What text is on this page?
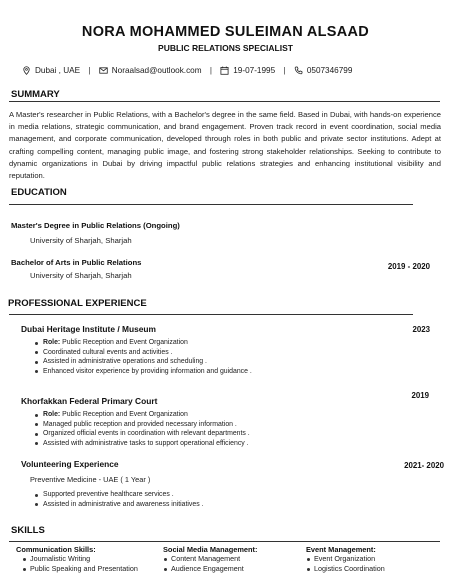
NORA MOHAMMED SULEIMAN ALSAAD
PUBLIC RELATIONS SPECIALIST
Dubai , UAE |	Noraalsad@outlook.com |	19-07-1995 |	0507346799
SUMMARY
A Master's researcher in Public Relations, with a Bachelor's degree in the same field. Based in Dubai, with hands-on experience in media relations, strategic communication, and brand engagement. Proven track record in event coordination, social media management, and corporate communication, developed through roles in both public and private sector institutions. Adept at crafting compelling content, managing public image, and fostering strong stakeholder relationships. Seeking to contribute to dynamic organizations in Dubai by driving impactful public relations strategies and enhancing institutional visibility and reputation.
EDUCATION
Master's Degree in Public Relations (Ongoing)
University of Sharjah, Sharjah
Bachelor of Arts in Public Relations
University of Sharjah, Sharjah
2019 - 2020
PROFESSIONAL EXPERIENCE
Dubai Heritage Institute / Museum	2023
Role: Public Reception and Event Organization
Coordinated cultural events and activities .
Assisted in administrative operations and scheduling .
Enhanced visitor experience by providing information and guidance .
Khorfakkan Federal Primary Court
2019
Role: Public Reception and Event Organization
Managed public reception and provided necessary information .
Organized official events in coordination with relevant departments .
Assisted with administrative tasks to support operational efficiency .
Volunteering Experience	2021- 2020
Preventive Medicine - UAE ( 1 Year )
Supported preventive healthcare services .
Assisted in administrative and awareness initiatives .
SKILLS
Communication Skills:
Journalistic Writing
Public Speaking and Presentation
Social Media Management:
Content Management
Audience Engagement
Event Management:
Event Organization
Logistics Coordination
